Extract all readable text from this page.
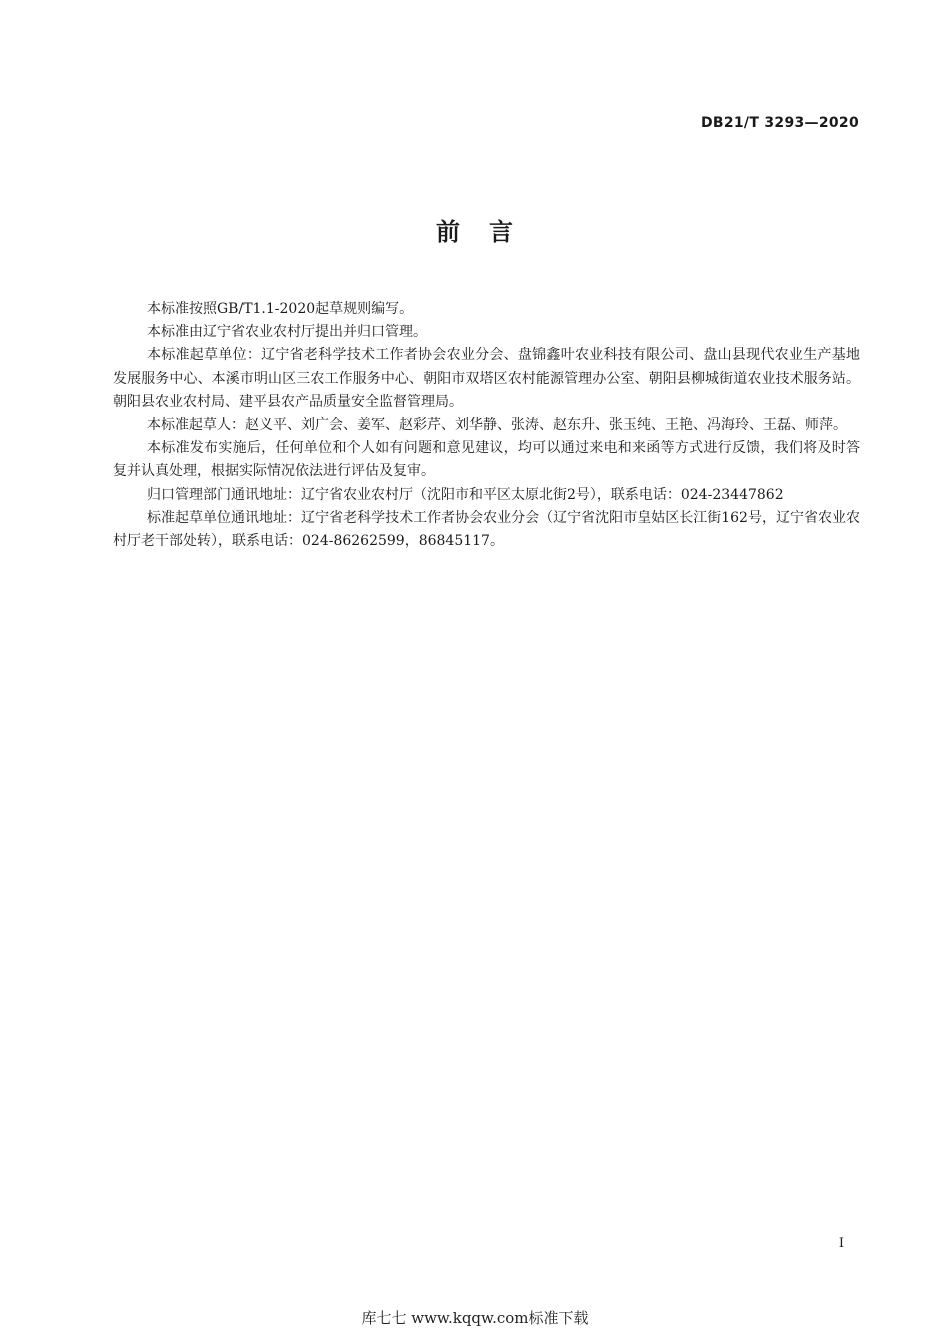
DB21/T 3293—2020
前 言

本标准按照GB/T1.1-2020起草规则编写。

本标准由辽宁省农业农村厅提出并归口管理。

本标准起草单位：辽宁省老科学技术工作者协会农业分会、盘锦鑫叶农业科技有限公司、盘山县现代农业生产基地发展服务中心、本溪市明山区三农工作服务中心、朝阳市双塔区农村能源管理办公室、朝阳县柳城街道农业技术服务站。朝阳县农业农村局、建平县农产品质量安全监督管理局。

本标准起草人：赵义平、刘广会、姜军、赵彩芹、刘华静、张涛、赵东升、张玉纯、王艳、冯海玲、王磊、师萍。

本标准发布实施后，任何单位和个人如有问题和意见建议，均可以通过来电和来函等方式进行反馈，我们将及时答复并认真处理，根据实际情况依法进行评估及复审。

归口管理部门通讯地址：辽宁省农业农村厅（沈阳市和平区太原北街2号），联系电话：024-23447862

标准起草单位通讯地址：辽宁省老科学技术工作者协会农业分会（辽宁省沈阳市皇姑区长江街162号，辽宁省农业农村厅老干部处转），联系电话：024-86262599，86845117。

I
库七七 www.kqqw.com标准下载
